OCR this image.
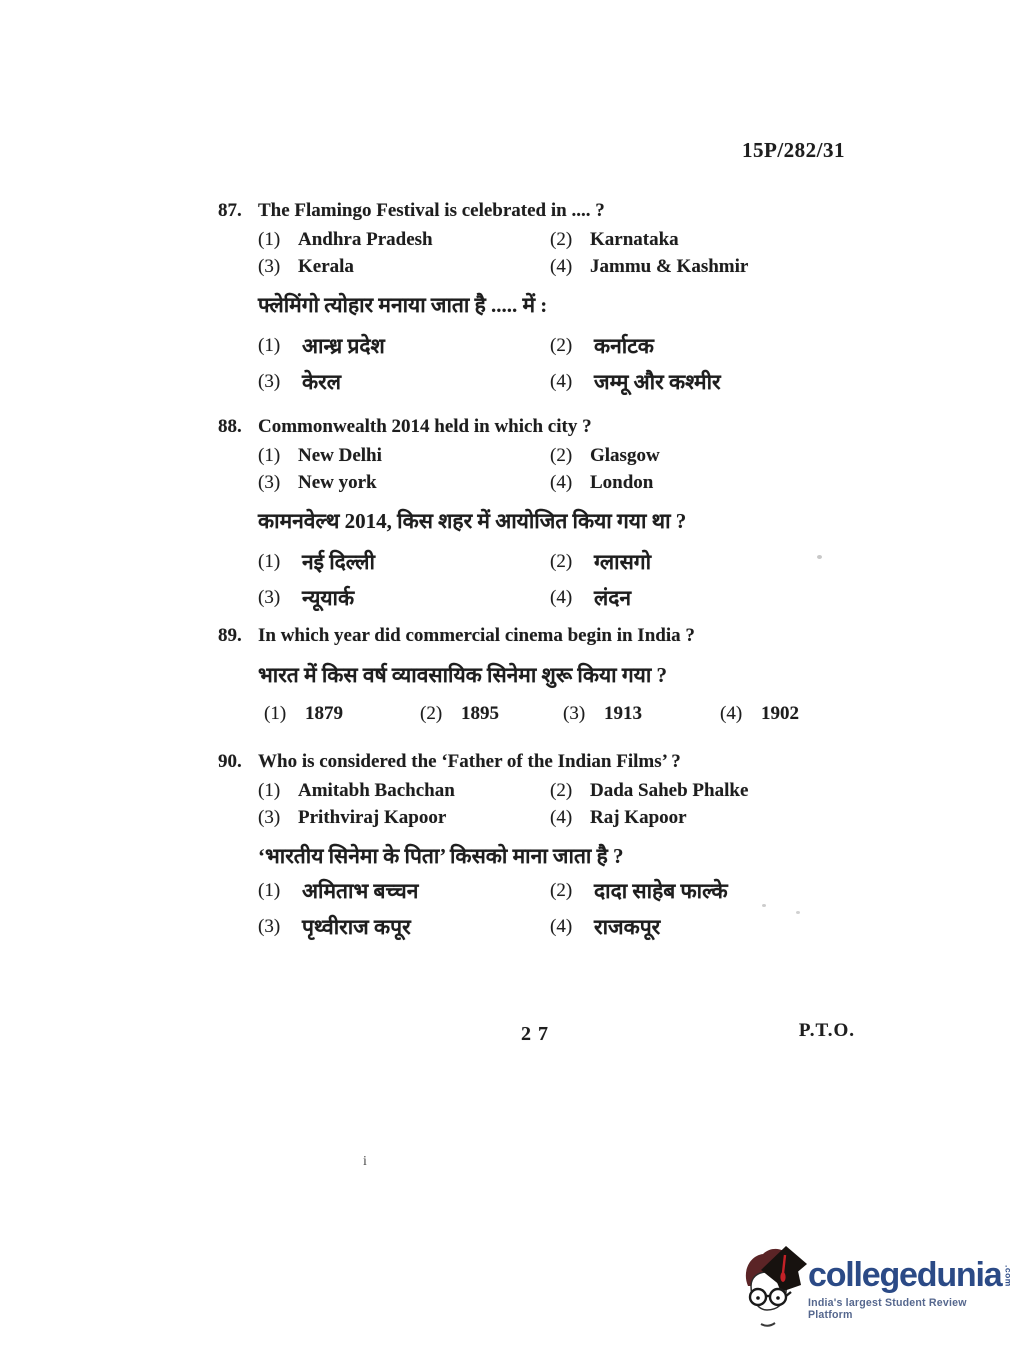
15P/282/31
87. The Flamingo Festival is celebrated in .... ?
(1) Andhra Pradesh	(2) Karnataka
(3) Kerala	(4) Jammu & Kashmir
फ्लेमिंगो त्योहार मनाया जाता है ..... में :
(1)	आन्ध्र प्रदेश	(2)	कर्नाटक
(3)	केरल	(4)	जम्मू और कश्मीर
88. Commonwealth 2014 held in which city ?
(1) New Delhi	(2) Glasgow
(3) New york	(4) London
कामनवेल्थ 2014, किस शहर में आयोजित किया गया था ?
(1)	नई दिल्ली	(2)	ग्लासगो
(3)	न्यूयार्क	(4)	लंदन
89. In which year did commercial cinema begin in India ?
भारत में किस वर्ष व्यावसायिक सिनेमा शुरू किया गया ?
(1) 1879	(2) 1895	(3) 1913	(4) 1902
90. Who is considered the ‘Father of the Indian Films’ ?
(1) Amitabh Bachchan	(2) Dada Saheb Phalke
(3) Prithviraj Kapoor	(4) Raj Kapoor
‘भारतीय सिनेमा के पिता’ किसको माना जाता है ?
(1)	अमिताभ बच्चन	(2)	दादा साहेब फाल्के
(3)	पृथ्वीराज कपूर	(4)	राजकपूर
27	P.T.O.
i
collegedunia .com
India's largest Student Review Platform
